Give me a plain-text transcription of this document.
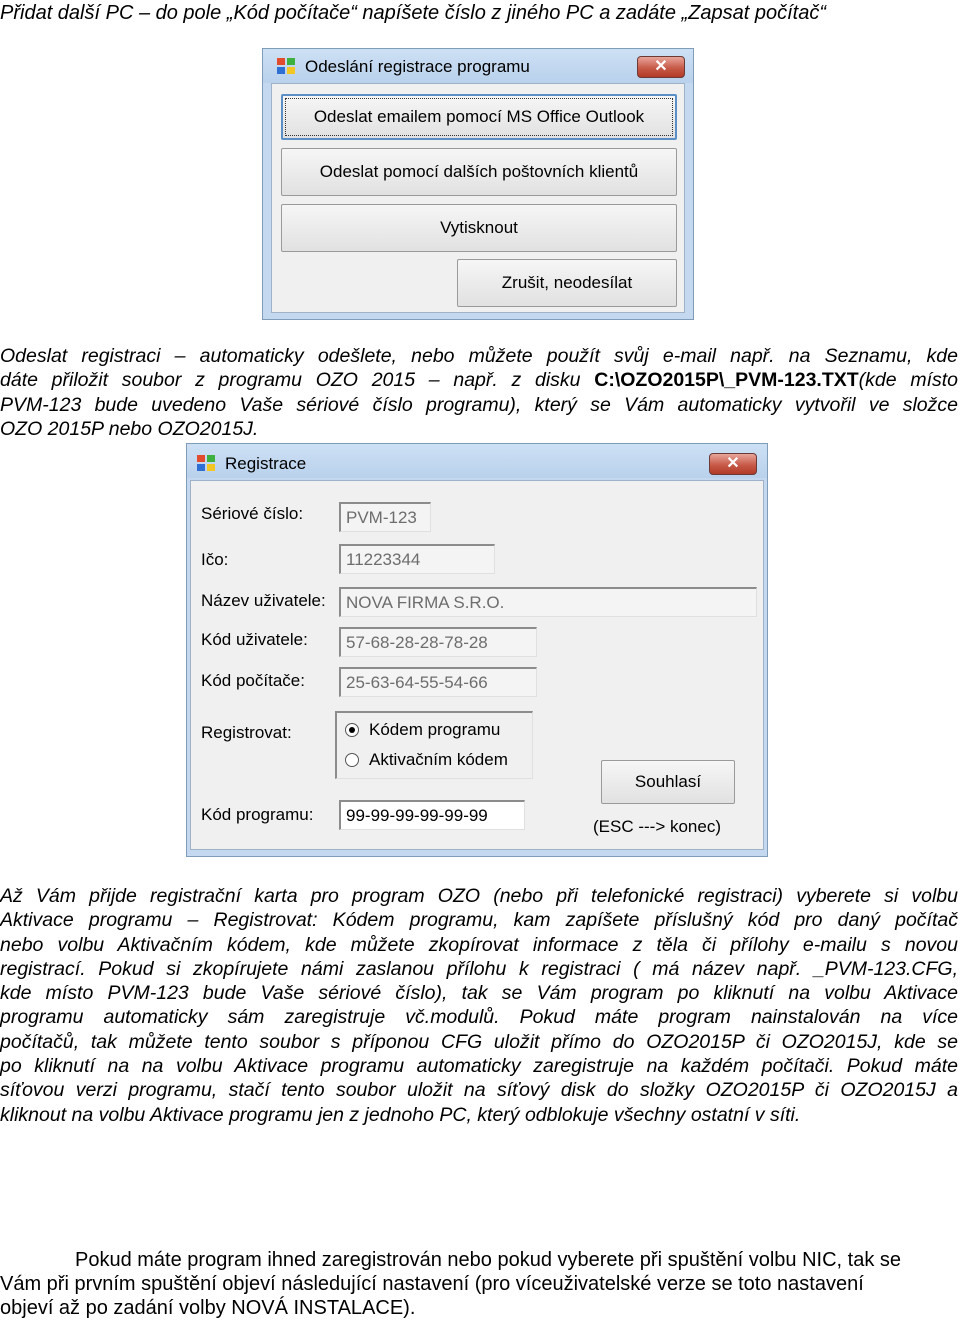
Přidat další PC – do pole „Kód počítače“ napíšete číslo z jiného PC a zadáte „Zapsat počítač“
Odeslání registrace programu	✕
Odeslat emailem pomocí MS Office Outlook
Odeslat pomocí dalších poštovních klientů
Vytisknout
Zrušit, neodesílat

Odeslat registraci – automaticky odešlete, nebo můžete použít svůj e-mail např. na Seznamu, kde

dáte přiložit soubor z programu OZO 2015 – např. z disku C:\OZO2015P\_PVM-123.TXT(kde místo

PVM-123 bude uvedeno Vaše sériové číslo programu), který se Vám automaticky vytvořil ve složce

OZO 2015P nebo OZO2015J.

Registrace	✕
Sériové číslo:	PVM-123
Ičo:	11223344
Název uživatele:	NOVA FIRMA S.R.O.
Kód uživatele:	57-68-28-28-78-28
Kód počítače:	25-63-64-55-54-66
Registrovat:	Kódem programu
Aktivačním kódem
Souhlasí
Kód programu:	99-99-99-99-99-99
(ESC ---> konec)

Až Vám přijde registrační karta pro program OZO (nebo při telefonické registraci) vyberete si volbu

Aktivace programu – Registrovat: Kódem programu, kam zapíšete příslušný kód pro daný počítač

nebo volbu Aktivačním kódem, kde můžete zkopírovat informace z těla či přílohy e-mailu s novou

registrací. Pokud si zkopírujete námi zaslanou přílohu k registraci ( má název např. _PVM-123.CFG,

kde místo PVM-123 bude Vaše sériové číslo), tak se Vám program po kliknutí na volbu Aktivace

programu automaticky sám zaregistruje vč.modulů. Pokud máte program nainstalován na více

počítačů, tak můžete tento soubor s příponou CFG uložit přímo do OZO2015P či OZO2015J, kde se

po kliknutí na na volbu Aktivace programu automaticky zaregistruje na každém počítači. Pokud máte

síťovou verzi programu, stačí tento soubor uložit na síťový disk do složky OZO2015P či OZO2015J a

kliknout na volbu Aktivace programu jen z jednoho PC, který odblokuje všechny ostatní v síti.

Pokud máte program ihned zaregistrován nebo pokud vyberete při spuštění volbu NIC, tak se
Vám při prvním spuštění objeví následující nastavení (pro víceuživatelské verze se toto nastavení
objeví až po zadání volby NOVÁ INSTALACE).
